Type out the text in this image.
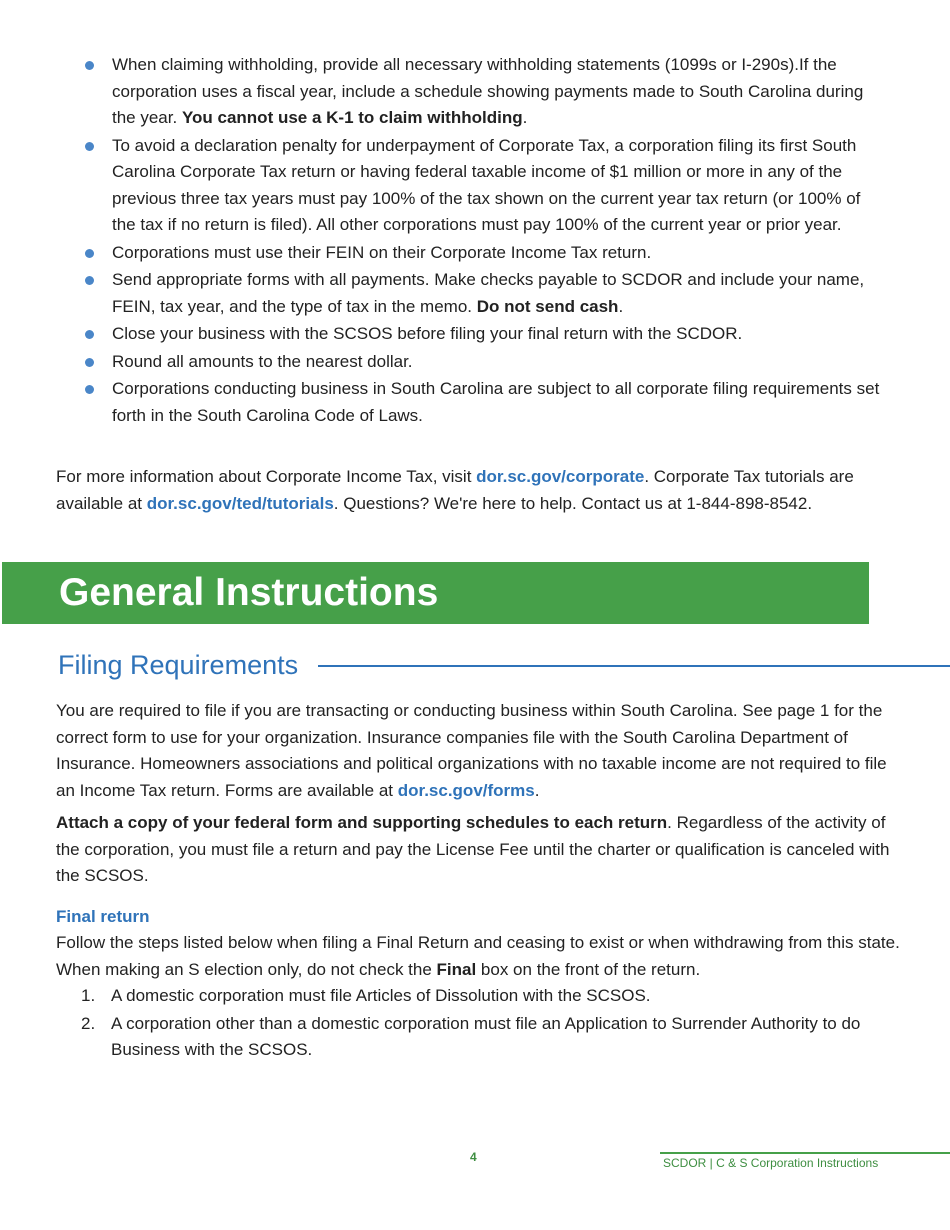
When claiming withholding, provide all necessary withholding statements (1099s or I-290s).If the corporation uses a fiscal year, include a schedule showing payments made to South Carolina during the year. You cannot use a K-1 to claim withholding.
To avoid a declaration penalty for underpayment of Corporate Tax, a corporation filing its first South Carolina Corporate Tax return or having federal taxable income of $1 million or more in any of the previous three tax years must pay 100% of the tax shown on the current year tax return (or 100% of the tax if no return is filed). All other corporations must pay 100% of the current year or prior year.
Corporations must use their FEIN on their Corporate Income Tax return.
Send appropriate forms with all payments. Make checks payable to SCDOR and include your name, FEIN, tax year, and the type of tax in the memo. Do not send cash.
Close your business with the SCSOS before filing your final return with the SCDOR.
Round all amounts to the nearest dollar.
Corporations conducting business in South Carolina are subject to all corporate filing requirements set forth in the South Carolina Code of Laws.

For more information about Corporate Income Tax, visit dor.sc.gov/corporate. Corporate Tax tutorials are available at dor.sc.gov/ted/tutorials. Questions? We're here to help. Contact us at 1-844-898-8542.

General Instructions
Filing Requirements

You are required to file if you are transacting or conducting business within South Carolina. See page 1 for the correct form to use for your organization. Insurance companies file with the South Carolina Department of Insurance. Homeowners associations and political organizations with no taxable income are not required to file an Income Tax return. Forms are available at dor.sc.gov/forms.

Attach a copy of your federal form and supporting schedules to each return. Regardless of the activity of the corporation, you must file a return and pay the License Fee until the charter or qualification is canceled with the SCSOS.

Final return

Follow the steps listed below when filing a Final Return and ceasing to exist or when withdrawing from this state. When making an S election only, do not check the Final box on the front of the return.

1. A domestic corporation must file Articles of Dissolution with the SCSOS.
2. A corporation other than a domestic corporation must file an Application to Surrender Authority to do Business with the SCSOS.
4	SCDOR | C & S Corporation Instructions
